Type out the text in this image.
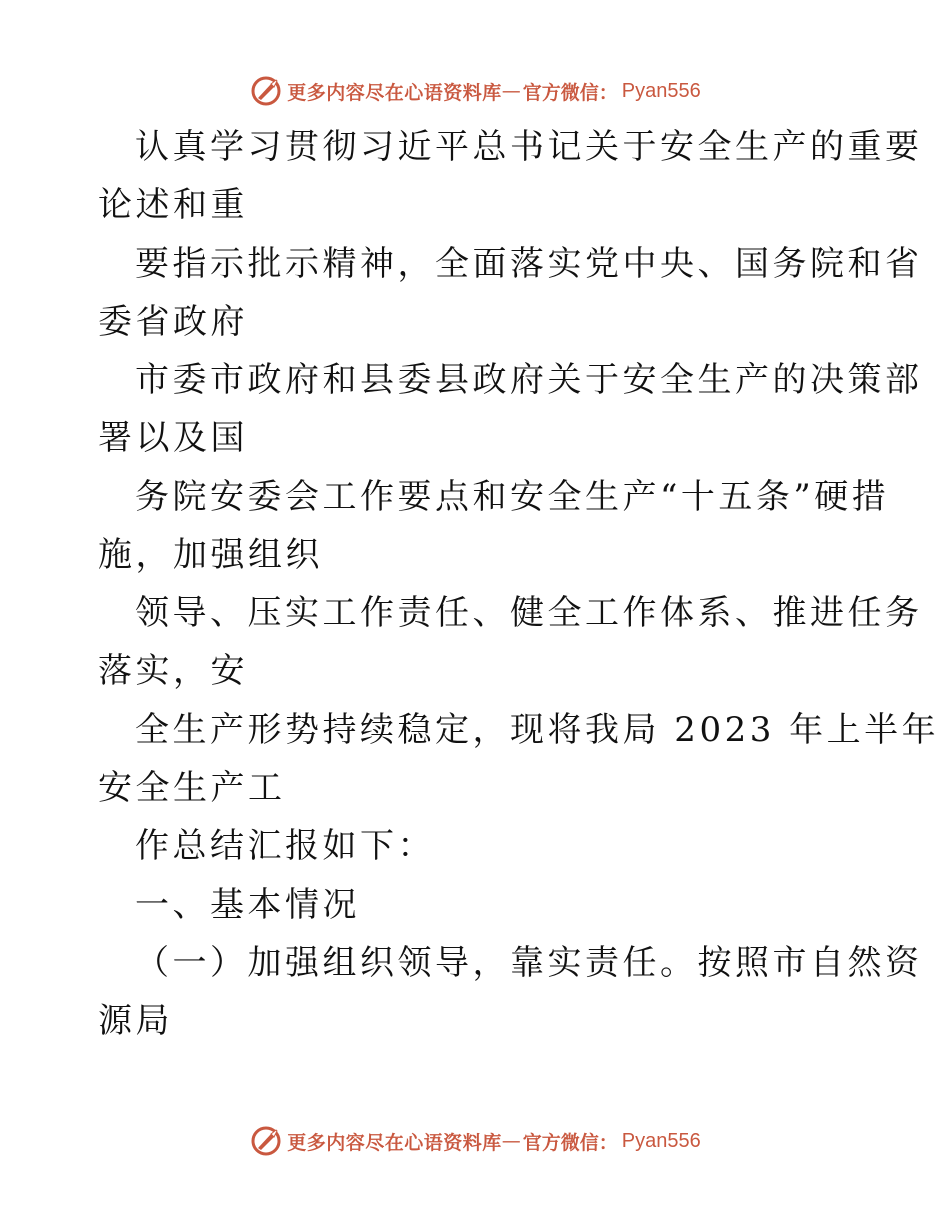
更多内容尽在心语资料库 — 官方微信： Pyan556
认真学习贯彻习近平总书记关于安全生产的重要
论述和重
要指示批示精神，全面落实党中央、国务院和省
委省政府
市委市政府和县委县政府关于安全生产的决策部
署以及国
务院安委会工作要点和安全生产“十五条”硬措
施，加强组织
领导、压实工作责任、健全工作体系、推进任务
落实，安
全生产形势持续稳定，现将我局 2023 年上半年
安全生产工
作总结汇报如下：
一、基本情况
（一）加强组织领导，靠实责任。按照市自然资
源局
更多内容尽在心语资料库 — 官方微信： Pyan556
